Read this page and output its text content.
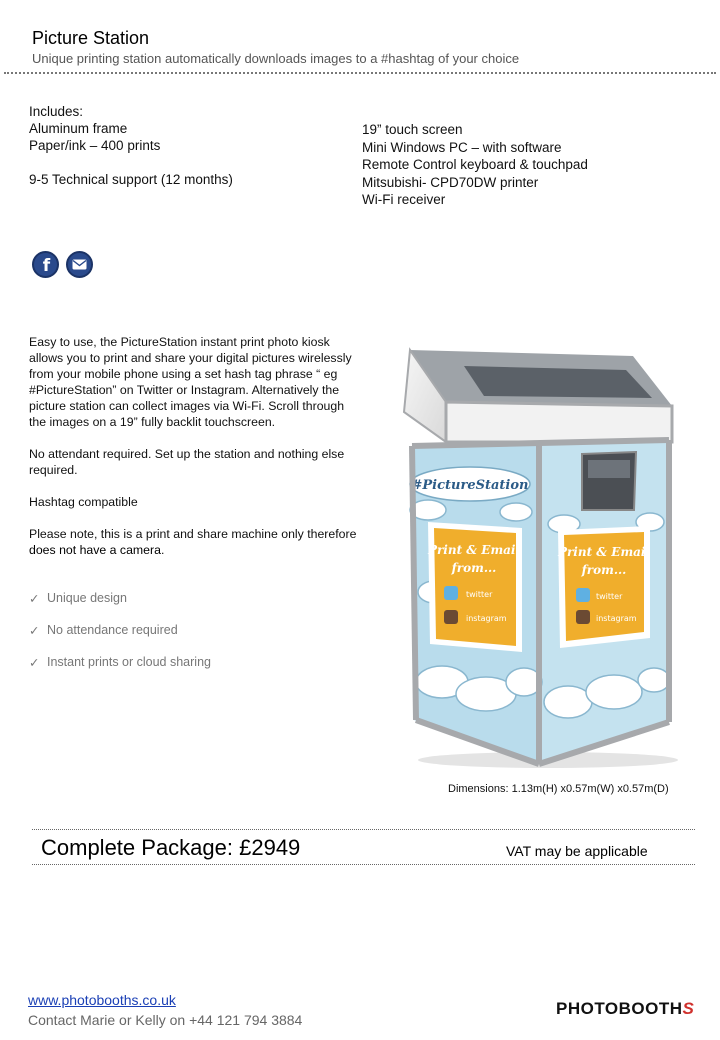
Picture Station
Unique printing station automatically downloads images to a #hashtag of your choice
Includes:
Aluminum frame
Paper/ink – 400 prints
9-5 Technical support (12 months)
19” touch screen
Mini Windows PC – with software
Remote Control keyboard & touchpad
Mitsubishi- CPD70DW printer
Wi-Fi receiver
f

Easy to use, the PictureStation instant print photo kiosk allows you to print and share your digital pictures wirelessly from your mobile phone using a set hash tag phrase “ eg #PictureStation” on Twitter or Instagram. Alternatively the picture station can collect images via Wi-Fi. Scroll through the images on a 19” fully backlit touchscreen.

No attendant required. Set up the station and nothing else required.

Hashtag compatible

Please note, this is a print and share machine only therefore does not have a camera.

✓ Unique design
✓ No attendance required
✓ Instant prints or cloud sharing
#PictureStation
Print & Email
from...
twitter
instagram
Print & Email
from...
twitter
instagram
Dimensions: 1.13m(H) x0.57m(W) x0.57m(D)
Complete Package: £2949	VAT may be applicable
www.photobooths.co.uk
Contact Marie or Kelly on +44 121 794 3884
PHOTOBOOTHS
